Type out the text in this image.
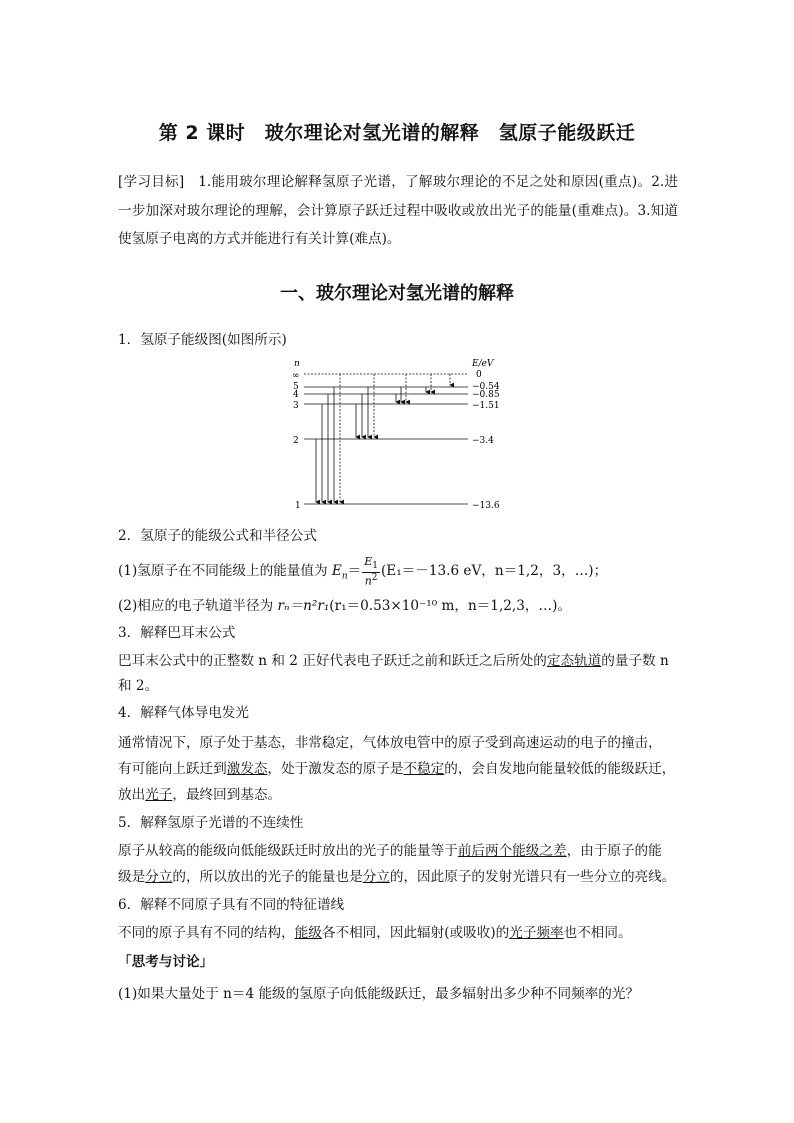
第 2 课时　玻尔理论对氢光谱的解释　氢原子能级跃迁
[学习目标]　1.能用玻尔理论解释氢原子光谱，了解玻尔理论的不足之处和原因(重点)。2.进一步加深对玻尔理论的理解，会计算原子跃迁过程中吸收或放出光子的能量(重难点)。3.知道使氢原子电离的方式并能进行有关计算(难点)。
一、玻尔理论对氢光谱的解释
1．氢原子能级图(如图所示)
n	E/eV
∞
5
4
3
2
1
0
−0.54
−0.85
−1.51
−3.4
−13.6
2．氢原子的能级公式和半径公式
(1)氢原子在不同能级上的能量值为 $E_n= \frac{E_1}{n^2} (E_1=-13.6$ eV，n＝1,2，3，…)；
(2)相应的电子轨道半径为 rₙ＝n²r₁(r₁＝0.53×10⁻¹⁰ m，n＝1,2,3，…)。
3．解释巴耳末公式
巴耳末公式中的正整数 n 和 2 正好代表电子跃迁之前和跃迁之后所处的定态轨道的量子数 n
和 2。
4．解释气体导电发光
通常情况下，原子处于基态，非常稳定，气体放电管中的原子受到高速运动的电子的撞击，
有可能向上跃迁到激发态，处于激发态的原子是不稳定的，会自发地向能量较低的能级跃迁，
放出光子，最终回到基态。
5．解释氢原子光谱的不连续性
原子从较高的能级向低能级跃迁时放出的光子的能量等于前后两个能级之差，由于原子的能
级是分立的，所以放出的光子的能量也是分立的，因此原子的发射光谱只有一些分立的亮线。
6．解释不同原子具有不同的特征谱线
不同的原子具有不同的结构，能级各不相同，因此辐射(或吸收)的光子频率也不相同。
「思考与讨论」
(1)如果大量处于 n＝4 能级的氢原子向低能级跃迁，最多辐射出多少种不同频率的光？
